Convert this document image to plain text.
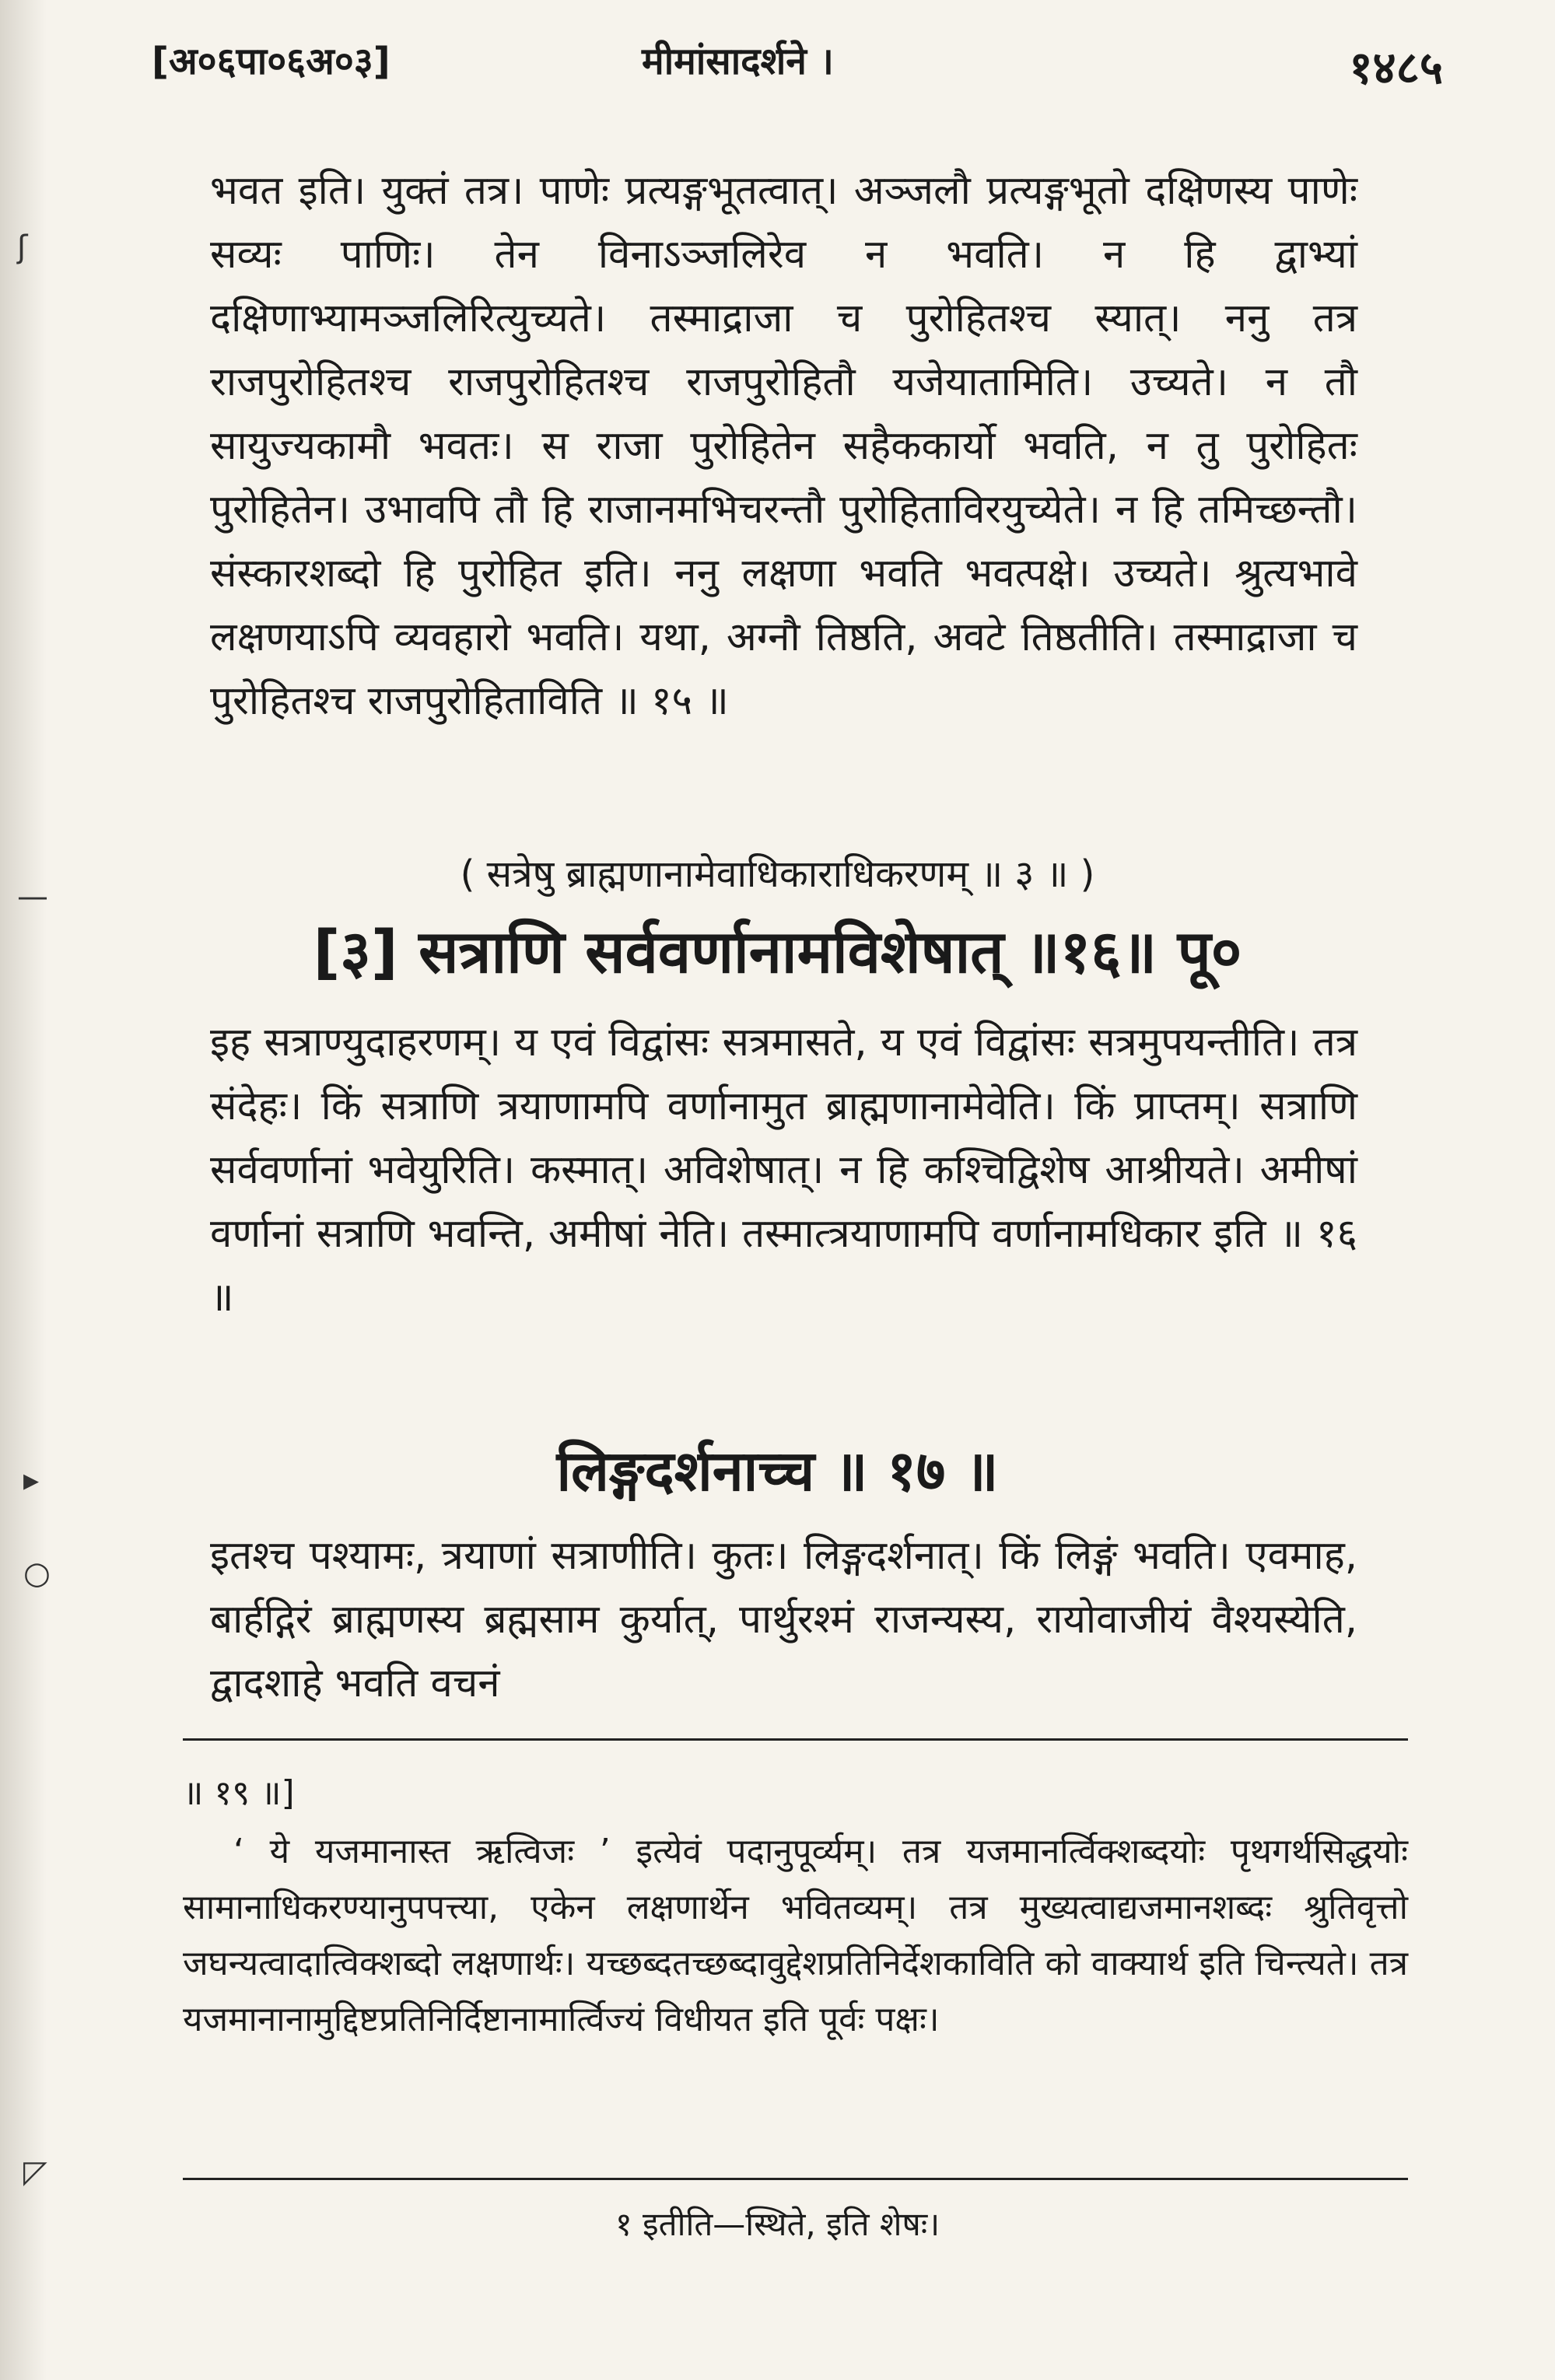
ʃ
—
▸
○
◸
[अ०६पा०६अ०३]	मीमांसादर्शने ।	१४८५
भवत इति। युक्तं तत्र। पाणेः प्रत्यङ्गभूतत्वात्। अञ्जलौ प्रत्यङ्गभूतो दक्षिणस्य पाणेः सव्यः पाणिः। तेन विनाऽञ्जलिरेव न भवति। न हि द्वाभ्यां दक्षिणाभ्यामञ्जलिरित्युच्यते। तस्माद्राजा च पुरोहितश्च स्यात्। ननु तत्र राजपुरोहितश्च राजपुरोहितश्च राजपुरोहितौ यजेयातामिति। उच्यते। न तौ सायुज्यकामौ भवतः। स राजा पुरोहितेन सहैककार्यो भवति, न तु पुरोहितः पुरोहितेन। उभावपि तौ हि राजानमभिचरन्तौ पुरोहिताविरयुच्येते। न हि तमिच्छन्तौ। संस्कारशब्दो हि पुरोहित इति। ननु लक्षणा भवति भवत्पक्षे। उच्यते। श्रुत्यभावे लक्षणयाऽपि व्यवहारो भवति। यथा, अग्नौ तिष्ठति, अवटे तिष्ठतीति। तस्माद्राजा च पुरोहितश्च राजपुरोहिताविति ॥ १५ ॥
( सत्रेषु ब्राह्मणानामेवाधिकाराधिकरणम् ॥ ३ ॥ )
[३] सत्राणि सर्ववर्णानामविशेषात् ॥१६॥ पू०
इह सत्राण्युदाहरणम्। य एवं विद्वांसः सत्रमासते, य एवं विद्वांसः सत्रमुपयन्तीति। तत्र संदेहः। किं सत्राणि त्रयाणामपि वर्णानामुत ब्राह्मणानामेवेति। किं प्राप्तम्। सत्राणि सर्ववर्णानां भवेयुरिति। कस्मात्। अविशेषात्। न हि कश्चिद्विशेष आश्रीयते। अमीषां वर्णानां सत्राणि भवन्ति, अमीषां नेति। तस्मात्त्रयाणामपि वर्णानामधिकार इति ॥ १६ ॥
लिङ्गदर्शनाच्च ॥ १७ ॥
इतश्च पश्यामः, त्रयाणां सत्राणीति। कुतः। लिङ्गदर्शनात्। किं लिङ्गं भवति। एवमाह, बार्हद्गिरं ब्राह्मणस्य ब्रह्मसाम कुर्यात्, पार्थुरश्मं राजन्यस्य, रायोवाजीयं वैश्यस्येति, द्वादशाहे भवति वचनं
॥ १९ ॥]
‘ ये यजमानास्त ऋत्विजः ’ इत्येवं पदानुपूर्व्यम्। तत्र यजमानर्त्विक्शब्दयोः पृथगर्थसिद्धयोः सामानाधिकरण्यानुपपत्त्या, एकेन लक्षणार्थेन भवितव्यम्। तत्र मुख्यत्वाद्यजमानशब्दः श्रुतिवृत्तो जघन्यत्वादात्विक्शब्दो लक्षणार्थः। यच्छब्दतच्छब्दावुद्देशप्रतिनिर्देशकाविति को वाक्यार्थ इति चिन्त्यते। तत्र यजमानानामुद्दिष्टप्रतिनिर्दिष्टानामार्त्विज्यं विधीयत इति पूर्वः पक्षः।
१ इतीति—स्थिते, इति शेषः।
